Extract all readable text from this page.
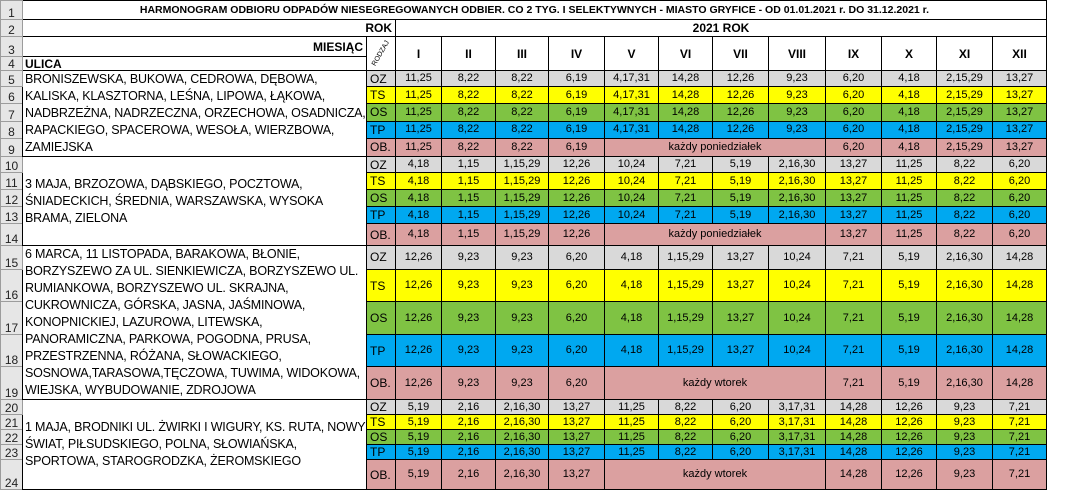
1	HARMONOGRAM ODBIORU ODPADÓW NIESEGREGOWANYCH ODBIER. CO 2 TYG. I SELEKTYWNYCH - MIASTO GRYFICE - OD 01.01.2021 r. DO 31.12.2021 r.													
2	ROK		2021 ROK											
3	MIESIĄC	RODZAJ	I	II	III	IV	V	VI	VII	VIII	IX	X	XI	XII
4	ULICA													
5	BRONISZEWSKA, BUKOWA, CEDROWA, DĘBOWA, KALISKA, KLASZTORNA, LEŚNA, LIPOWA, ŁĄKOWA, NADBRZEŻNA, NADRZECZNA, ORZECHOWA, OSADNICZA, RAPACKIEGO, SPACEROWA, WESOŁA, WIERZBOWA, ZAMIEJSKA	OZ	11,25	8,22	8,22	6,19	4,17,31	14,28	12,26	9,23	6,20	4,18	2,15,29	13,27
6		TS	11,25	8,22	8,22	6,19	4,17,31	14,28	12,26	9,23	6,20	4,18	2,15,29	13,27
7		OS	11,25	8,22	8,22	6,19	4,17,31	14,28	12,26	9,23	6,20	4,18	2,15,29	13,27
8		TP	11,25	8,22	8,22	6,19	4,17,31	14,28	12,26	9,23	6,20	4,18	2,15,29	13,27
9		OB.	11,25	8,22	8,22	6,19	każdy poniedziałek				6,20	4,18	2,15,29	13,27
10	3 MAJA, BRZOZOWA, DĄBSKIEGO, POCZTOWA, ŚNIADECKICH, ŚREDNIA, WARSZAWSKA, WYSOKA BRAMA, ZIELONA	OZ	4,18	1,15	1,15,29	12,26	10,24	7,21	5,19	2,16,30	13,27	11,25	8,22	6,20
11		TS	4,18	1,15	1,15,29	12,26	10,24	7,21	5,19	2,16,30	13,27	11,25	8,22	6,20
12		OS	4,18	1,15	1,15,29	12,26	10,24	7,21	5,19	2,16,30	13,27	11,25	8,22	6,20
13		TP	4,18	1,15	1,15,29	12,26	10,24	7,21	5,19	2,16,30	13,27	11,25	8,22	6,20
14		OB.	4,18	1,15	1,15,29	12,26	każdy poniedziałek				13,27	11,25	8,22	6,20
15	6 MARCA, 11 LISTOPADA, BARAKOWA, BŁONIE, BORZYSZEWO ZA UL. SIENKIEWICZA, BORZYSZEWO UL. RUMIANKOWA, BORZYSZEWO UL. SKRAJNA, CUKROWNICZA, GÓRSKA, JASNA, JAŚMINOWA, KONOPNICKIEJ, LAZUROWA, LITEWSKA, PANORAMICZNA, PARKOWA, POGODNA, PRUSA, PRZESTRZENNA, RÓŻANA, SŁOWACKIEGO, SOSNOWA,TARASOWA,TĘCZOWA, TUWIMA, WIDOKOWA, WIEJSKA, WYBUDOWANIE, ZDROJOWA	OZ	12,26	9,23	9,23	6,20	4,18	1,15,29	13,27	10,24	7,21	5,19	2,16,30	14,28
16		TS	12,26	9,23	9,23	6,20	4,18	1,15,29	13,27	10,24	7,21	5,19	2,16,30	14,28
17		OS	12,26	9,23	9,23	6,20	4,18	1,15,29	13,27	10,24	7,21	5,19	2,16,30	14,28
18		TP	12,26	9,23	9,23	6,20	4,18	1,15,29	13,27	10,24	7,21	5,19	2,16,30	14,28
19		OB.	12,26	9,23	9,23	6,20	każdy wtorek				7,21	5,19	2,16,30	14,28
20	1 MAJA, BRODNIKI UL. ŻWIRKI I WIGURY, KS. RUTA, NOWY ŚWIAT, PIŁSUDSKIEGO, POLNA, SŁOWIAŃSKA, SPORTOWA, STAROGRODZKA, ŻEROMSKIEGO	OZ	5,19	2,16	2,16,30	13,27	11,25	8,22	6,20	3,17,31	14,28	12,26	9,23	7,21
21		TS	5,19	2,16	2,16,30	13,27	11,25	8,22	6,20	3,17,31	14,28	12,26	9,23	7,21
22		OS	5,19	2,16	2,16,30	13,27	11,25	8,22	6,20	3,17,31	14,28	12,26	9,23	7,21
23		TP	5,19	2,16	2,16,30	13,27	11,25	8,22	6,20	3,17,31	14,28	12,26	9,23	7,21
24		OB.	5,19	2,16	2,16,30	13,27	każdy wtorek				14,28	12,26	9,23	7,21
